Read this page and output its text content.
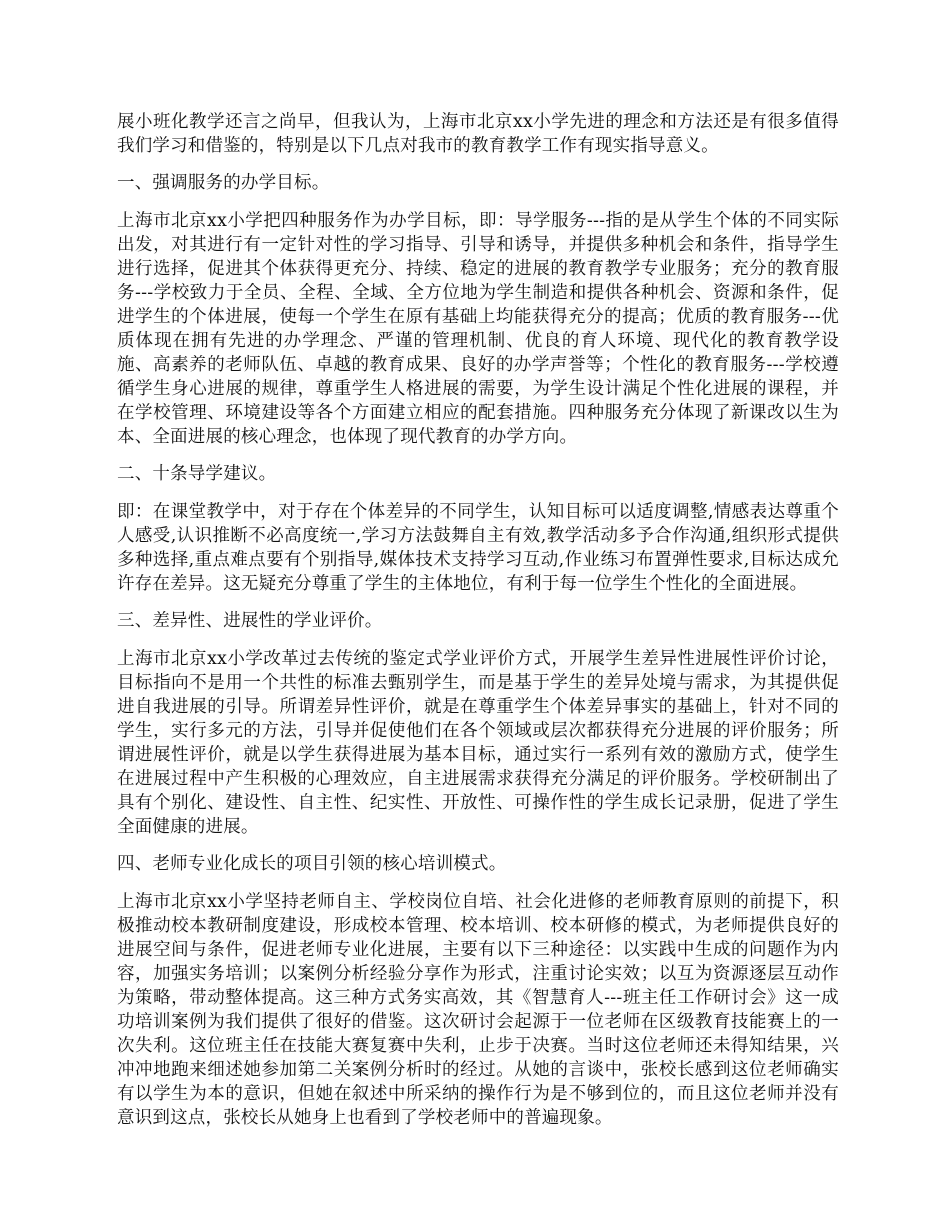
展小班化教学还言之尚早，但我认为，上海市北京xx小学先进的理念和方法还是有很多值得我们学习和借鉴的，特别是以下几点对我市的教育教学工作有现实指导意义。

一、强调服务的办学目标。

上海市北京xx小学把四种服务作为办学目标，即：导学服务---指的是从学生个体的不同实际出发，对其进行有一定针对性的学习指导、引导和诱导，并提供多种机会和条件，指导学生进行选择，促进其个体获得更充分、持续、稳定的进展的教育教学专业服务；充分的教育服务---学校致力于全员、全程、全域、全方位地为学生制造和提供各种机会、资源和条件，促进学生的个体进展，使每一个学生在原有基础上均能获得充分的提高；优质的教育服务---优质体现在拥有先进的办学理念、严谨的管理机制、优良的育人环境、现代化的教育教学设施、高素养的老师队伍、卓越的教育成果、良好的办学声誉等；个性化的教育服务---学校遵循学生身心进展的规律，尊重学生人格进展的需要，为学生设计满足个性化进展的课程，并在学校管理、环境建设等各个方面建立相应的配套措施。四种服务充分体现了新课改以生为本、全面进展的核心理念，也体现了现代教育的办学方向。

二、十条导学建议。

即：在课堂教学中，对于存在个体差异的不同学生，认知目标可以适度调整,情感表达尊重个人感受,认识推断不必高度统一,学习方法鼓舞自主有效,教学活动多予合作沟通,组织形式提供多种选择,重点难点要有个别指导,媒体技术支持学习互动,作业练习布置弹性要求,目标达成允许存在差异。这无疑充分尊重了学生的主体地位，有利于每一位学生个性化的全面进展。

三、差异性、进展性的学业评价。

上海市北京xx小学改革过去传统的鉴定式学业评价方式，开展学生差异性进展性评价讨论，目标指向不是用一个共性的标准去甄别学生，而是基于学生的差异处境与需求，为其提供促进自我进展的引导。所谓差异性评价，就是在尊重学生个体差异事实的基础上，针对不同的学生，实行多元的方法，引导并促使他们在各个领域或层次都获得充分进展的评价服务；所谓进展性评价，就是以学生获得进展为基本目标，通过实行一系列有效的激励方式，使学生在进展过程中产生积极的心理效应，自主进展需求获得充分满足的评价服务。学校研制出了具有个别化、建设性、自主性、纪实性、开放性、可操作性的学生成长记录册，促进了学生全面健康的进展。

四、老师专业化成长的项目引领的核心培训模式。

上海市北京xx小学坚持老师自主、学校岗位自培、社会化进修的老师教育原则的前提下，积极推动校本教研制度建设，形成校本管理、校本培训、校本研修的模式，为老师提供良好的进展空间与条件，促进老师专业化进展，主要有以下三种途径：以实践中生成的问题作为内容，加强实务培训；以案例分析经验分享作为形式，注重讨论实效；以互为资源逐层互动作为策略，带动整体提高。这三种方式务实高效，其《智慧育人---班主任工作研讨会》这一成功培训案例为我们提供了很好的借鉴。这次研讨会起源于一位老师在区级教育技能赛上的一次失利。这位班主任在技能大赛复赛中失利，止步于决赛。当时这位老师还未得知结果，兴冲冲地跑来细述她参加第二关案例分析时的经过。从她的言谈中，张校长感到这位老师确实有以学生为本的意识，但她在叙述中所采纳的操作行为是不够到位的，而且这位老师并没有意识到这点，张校长从她身上也看到了学校老师中的普遍现象。
